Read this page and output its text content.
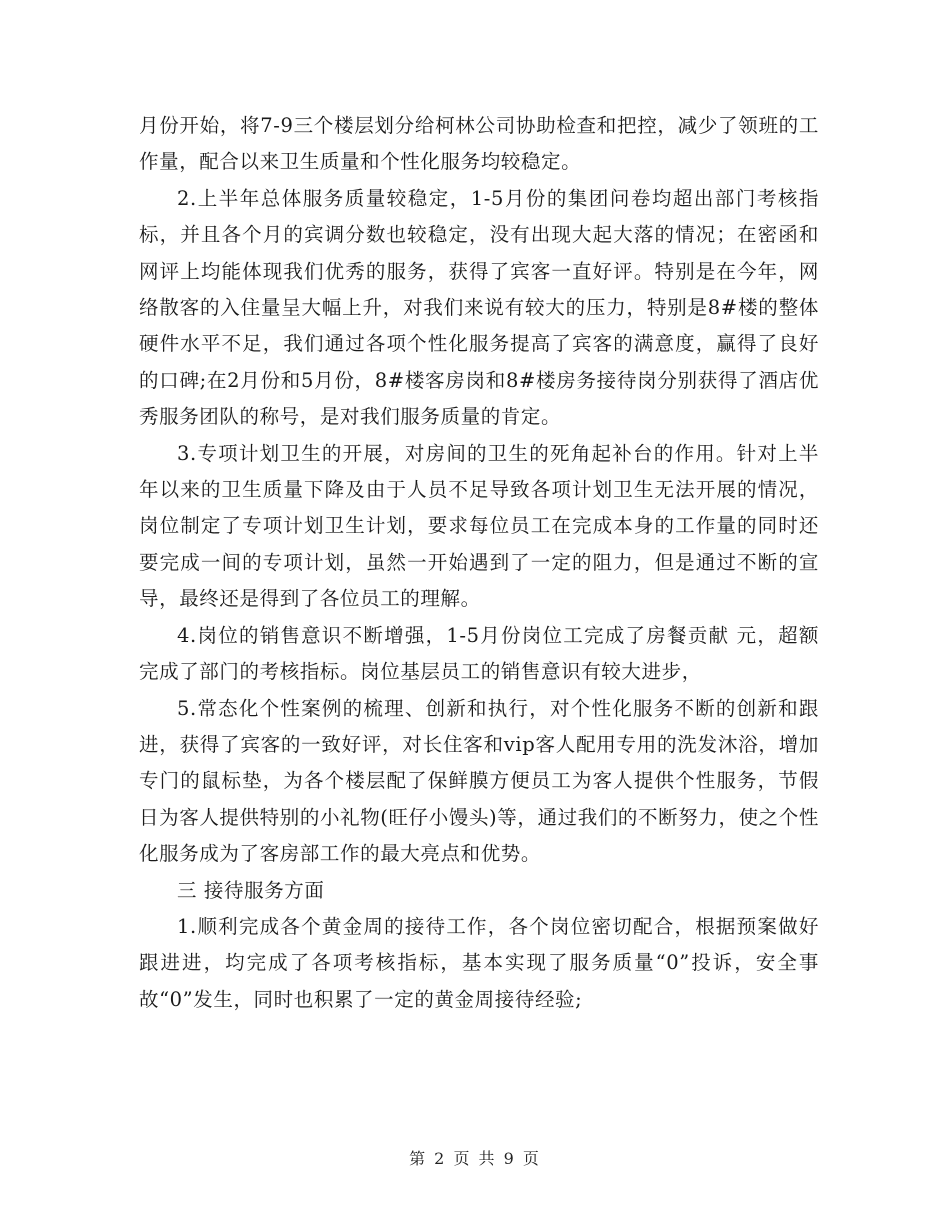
月份开始，将7-9三个楼层划分给柯林公司协助检查和把控，减少了领班的工作量，配合以来卫生质量和个性化服务均较稳定。

2.上半年总体服务质量较稳定，1-5月份的集团问卷均超出部门考核指标，并且各个月的宾调分数也较稳定，没有出现大起大落的情况；在密函和网评上均能体现我们优秀的服务，获得了宾客一直好评。特别是在今年，网络散客的入住量呈大幅上升，对我们来说有较大的压力，特别是8#楼的整体硬件水平不足，我们通过各项个性化服务提高了宾客的满意度，赢得了良好的口碑;在2月份和5月份，8#楼客房岗和8#楼房务接待岗分别获得了酒店优秀服务团队的称号，是对我们服务质量的肯定。

3.专项计划卫生的开展，对房间的卫生的死角起补台的作用。针对上半年以来的卫生质量下降及由于人员不足导致各项计划卫生无法开展的情况，岗位制定了专项计划卫生计划，要求每位员工在完成本身的工作量的同时还要完成一间的专项计划，虽然一开始遇到了一定的阻力，但是通过不断的宣导，最终还是得到了各位员工的理解。

4.岗位的销售意识不断增强，1-5月份岗位工完成了房餐贡献 元，超额完成了部门的考核指标。岗位基层员工的销售意识有较大进步，

5.常态化个性案例的梳理、创新和执行，对个性化服务不断的创新和跟进，获得了宾客的一致好评，对长住客和vip客人配用专用的洗发沐浴，增加专门的鼠标垫，为各个楼层配了保鲜膜方便员工为客人提供个性服务，节假日为客人提供特别的小礼物(旺仔小馒头)等，通过我们的不断努力，使之个性化服务成为了客房部工作的最大亮点和优势。

三 接待服务方面

1.顺利完成各个黄金周的接待工作，各个岗位密切配合，根据预案做好跟进进，均完成了各项考核指标，基本实现了服务质量“0”投诉，安全事故“0”发生，同时也积累了一定的黄金周接待经验;

第 2 页 共 9 页
